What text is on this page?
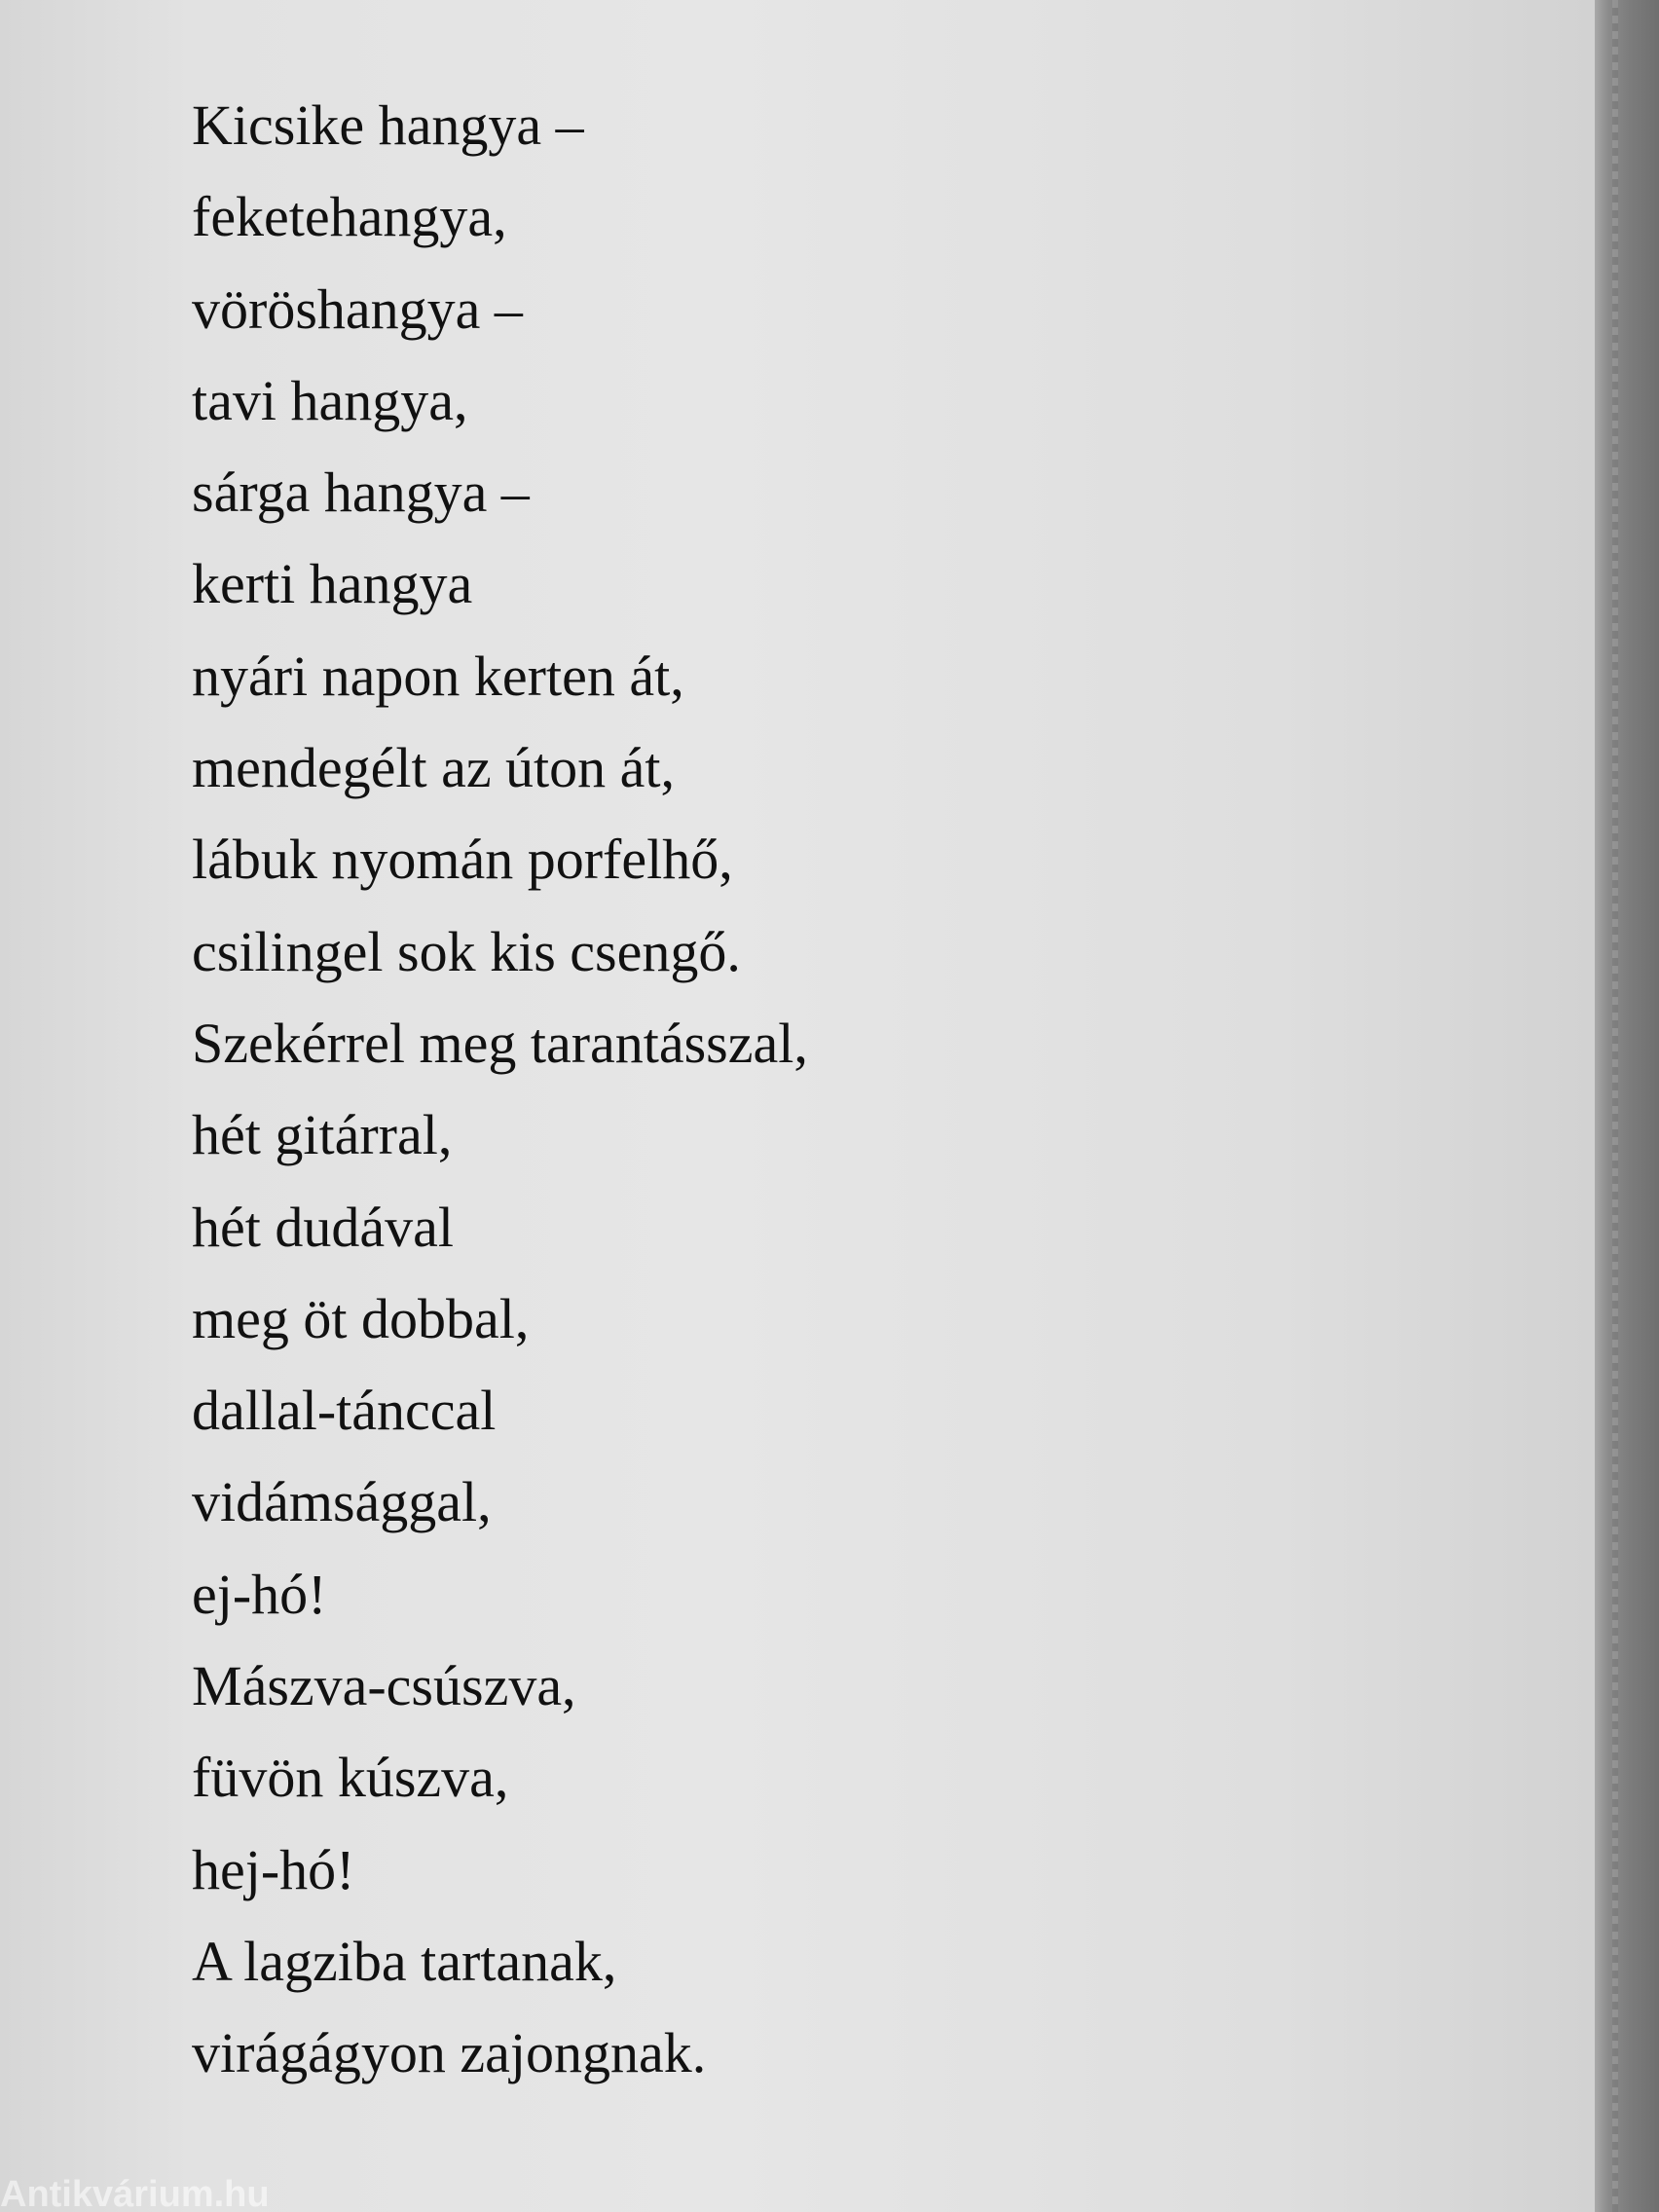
Kicsike hangya –
feketehangya,
vöröshangya –
tavi hangya,
sárga hangya –
kerti hangya
nyári napon kerten át,
mendegélt az úton át,
lábuk nyomán porfelhő,
csilingel sok kis csengő.
Szekérrel meg tarantásszal,
hét gitárral,
hét dudával
meg öt dobbal,
dallal-tánccal
vidámsággal,
ej-hó!
Mászva-csúszva,
füvön kúszva,
hej-hó!
A lagziba tartanak,
virágágyon zajongnak.
Antikvárium.hu
